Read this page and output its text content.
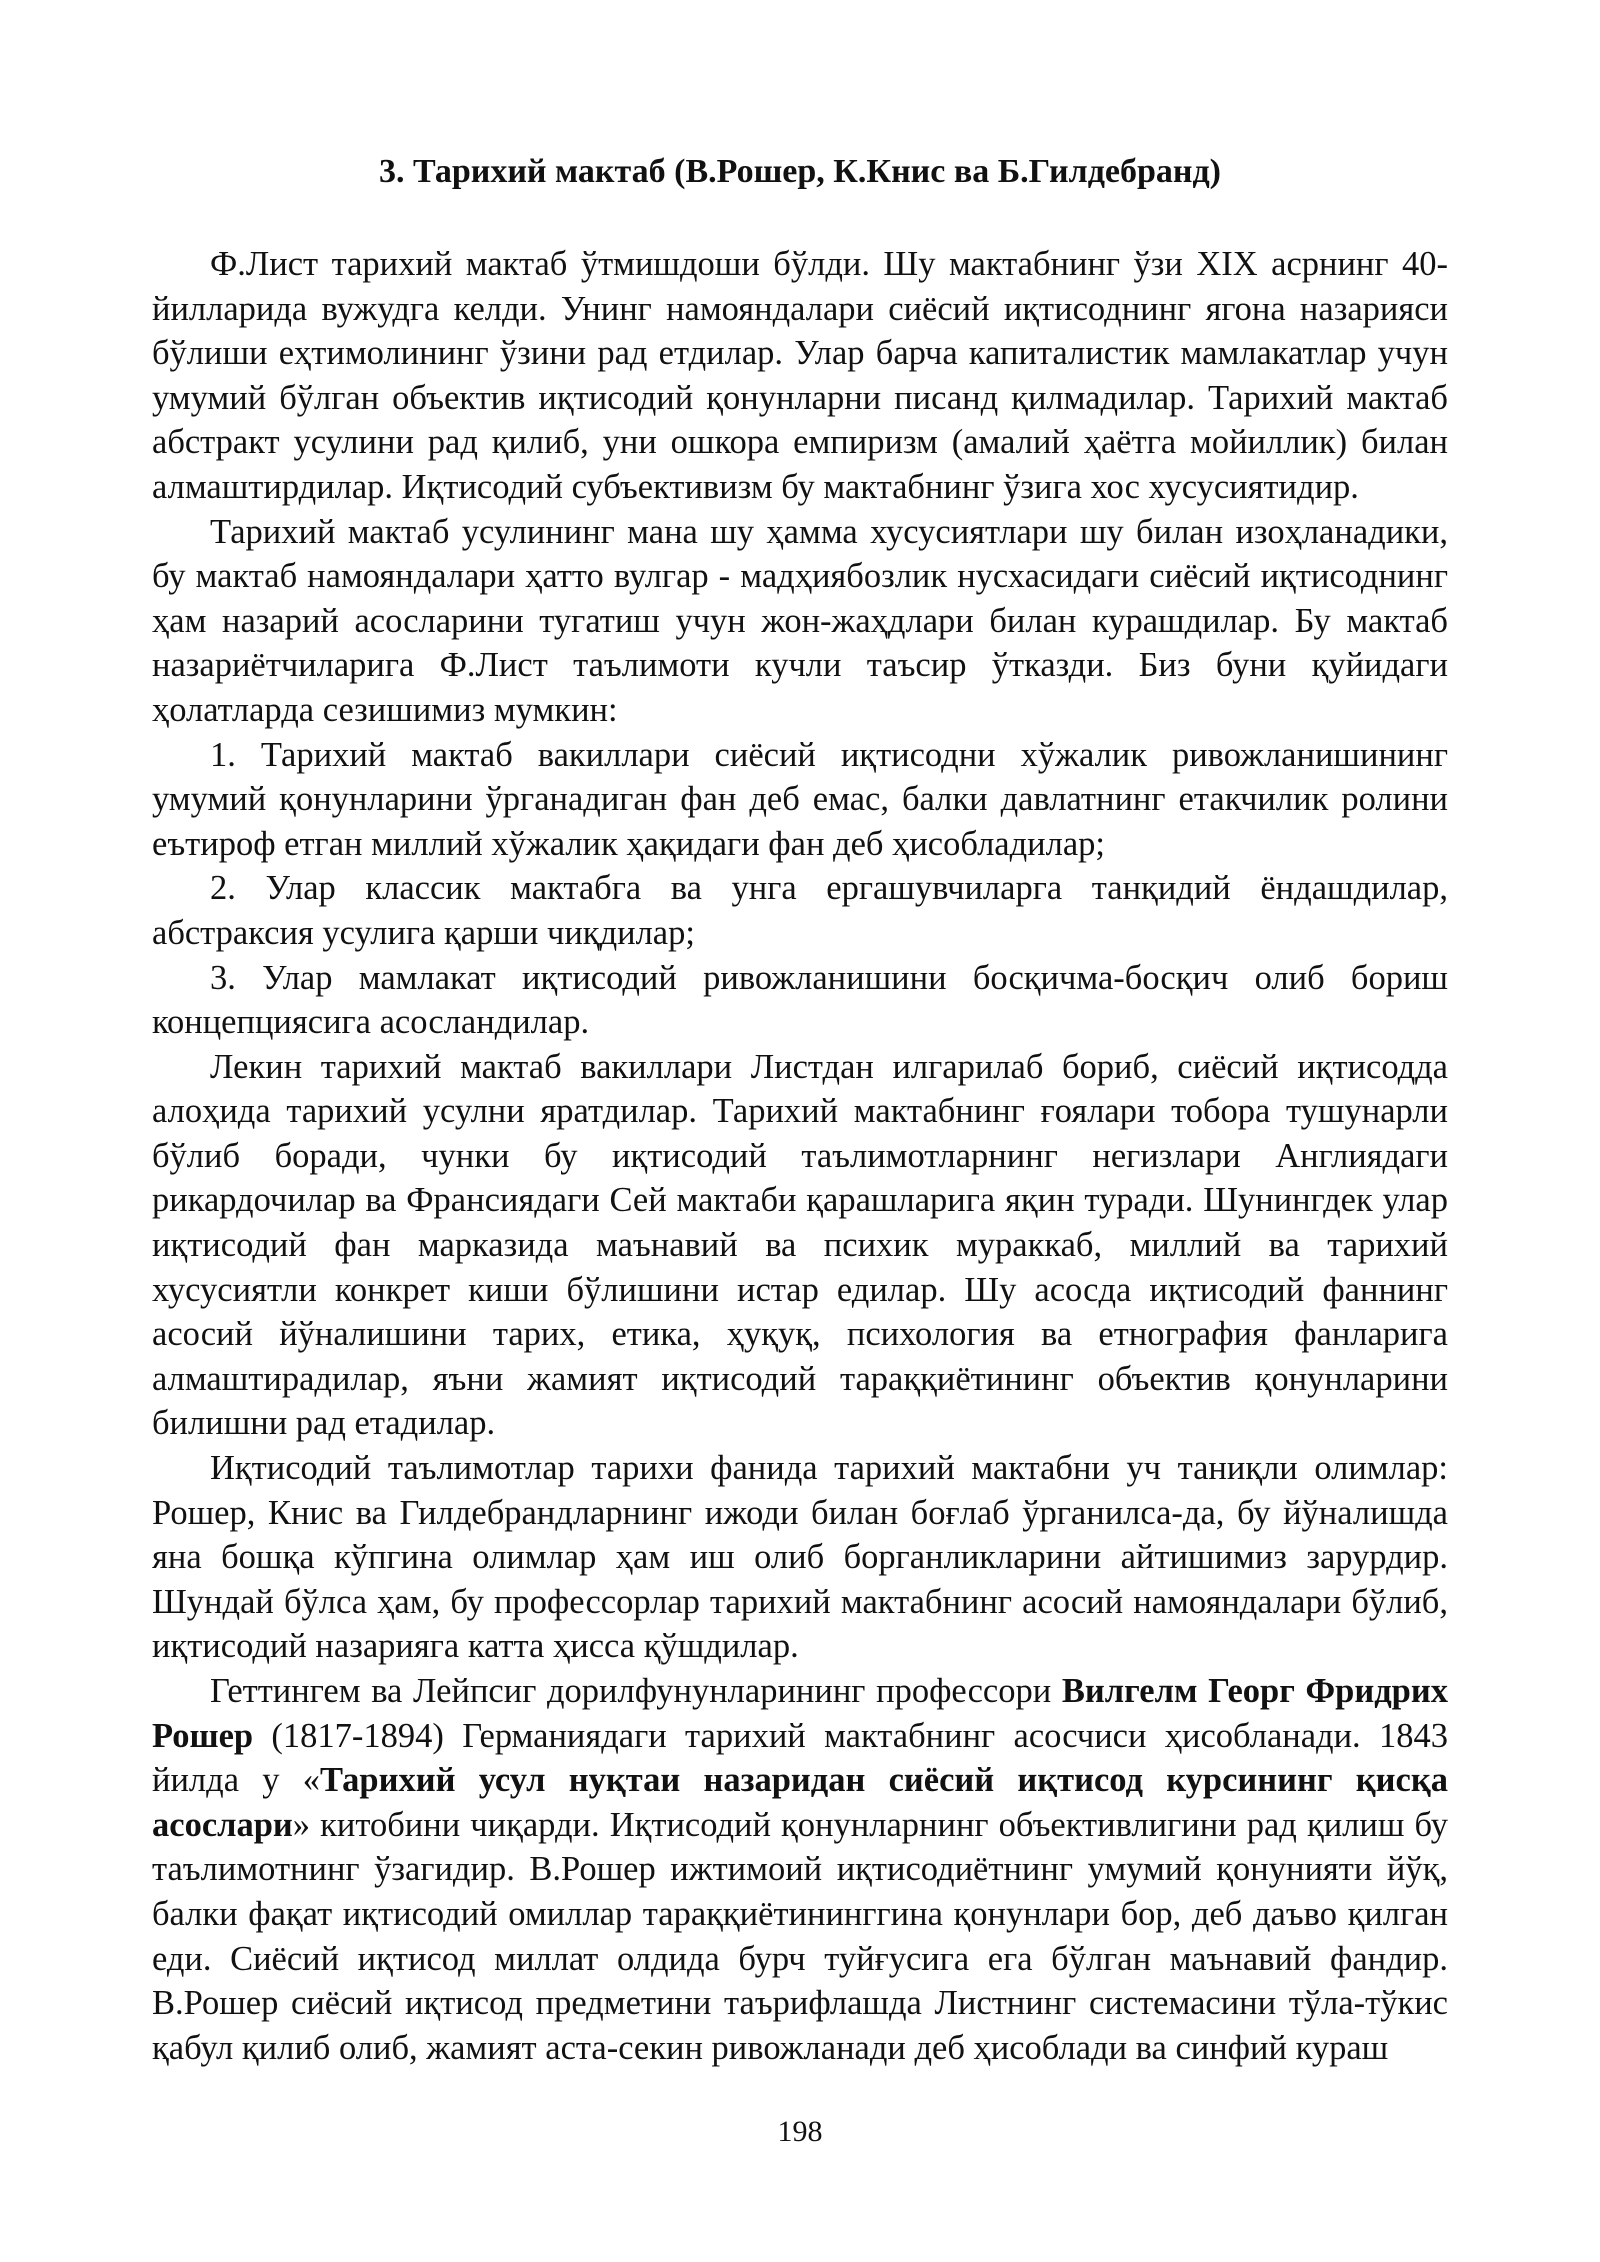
3. Тарихий мактаб (В.Рошер, К.Книс ва Б.Гилдебранд)

Ф.Лист тарихий мактаб ўтмишдоши бўлди. Шу мактабнинг ўзи XIX асрнинг 40-йилларида вужудга келди. Унинг намояндалари сиёсий иқтисоднинг ягона назарияси бўлиши еҳтимолининг ўзини рад етдилар. Улар барча капиталистик мамлакатлар учун умумий бўлган объектив иқтисодий қонунларни писанд қилмадилар. Тарихий мактаб абстракт усулини рад қилиб, уни ошкора емпиризм (амалий ҳаётга мойиллик) билан алмаштирдилар. Иқтисодий субъективизм бу мактабнинг ўзига хос хусусиятидир.

Тарихий мактаб усулининг мана шу ҳамма хусусиятлари шу билан изоҳланадики, бу мактаб намояндалари ҳатто вулгар - мадҳиябозлик нусхасидаги сиёсий иқтисоднинг ҳам назарий асосларини тугатиш учун жон-жаҳдлари билан курашдилар. Бу мактаб назариётчиларига Ф.Лист таълимоти кучли таъсир ўтказди. Биз буни қуйидаги ҳолатларда сезишимиз мумкин:

1. Тарихий мактаб вакиллари сиёсий иқтисодни хўжалик ривожланишининг умумий қонунларини ўрганадиган фан деб емас, балки давлатнинг етакчилик ролини еътироф етган миллий хўжалик ҳақидаги фан деб ҳисобладилар;

2. Улар классик мактабга ва унга ергашувчиларга танқидий ёндашдилар, абстраксия усулига қарши чиқдилар;

3. Улар мамлакат иқтисодий ривожланишини босқичма-босқич олиб бориш концепциясига асосландилар.

Лекин тарихий мактаб вакиллари Листдан илгарилаб бориб, сиёсий иқтисодда алоҳида тарихий усулни яратдилар. Тарихий мактабнинг ғоялари тобора тушунарли бўлиб боради, чунки бу иқтисодий таълимотларнинг негизлари Англиядаги рикардочилар ва Франсиядаги Сей мактаби қарашларига яқин туради. Шунингдек улар иқтисодий фан марказида маънавий ва психик мураккаб, миллий ва тарихий хусусиятли конкрет киши бўлишини истар едилар. Шу асосда иқтисодий фаннинг асосий йўналишини тарих, етика, ҳуқуқ, психология ва етнография фанларига алмаштирадилар, яъни жамият иқтисодий тараққиётининг объектив қонунларини билишни рад етадилар.

Иқтисодий таълимотлар тарихи фанида тарихий мактабни уч таниқли олимлар: Рошер, Книс ва Гилдебрандларнинг ижоди билан боғлаб ўрганилса-да, бу йўналишда яна бошқа кўпгина олимлар ҳам иш олиб борганликларини айтишимиз зарурдир. Шундай бўлса ҳам, бу профессорлар тарихий мактабнинг асосий намояндалари бўлиб, иқтисодий назарияга катта ҳисса қўшдилар.

Геттингем ва Лейпсиг дорилфунунларининг профессори Вилгелм Георг Фридрих Рошер (1817-1894) Германиядаги тарихий мактабнинг асосчиси ҳисобланади. 1843 йилда у «Тарихий усул нуқтаи назаридан сиёсий иқтисод курсининг қисқа асослари» китобини чиқарди. Иқтисодий қонунларнинг объективлигини рад қилиш бу таълимотнинг ўзагидир. В.Рошер ижтимоий иқтисодиётнинг умумий қонунияти йўқ, балки фақат иқтисодий омиллар тараққиётининггина қонунлари бор, деб даъво қилган еди. Сиёсий иқтисод миллат олдида бурч туйғусига ега бўлган маънавий фандир. В.Рошер сиёсий иқтисод предметини таърифлашда Листнинг системасини тўла-тўкис қабул қилиб олиб, жамият аста-секин ривожланади деб ҳисоблади ва синфий кураш

198
